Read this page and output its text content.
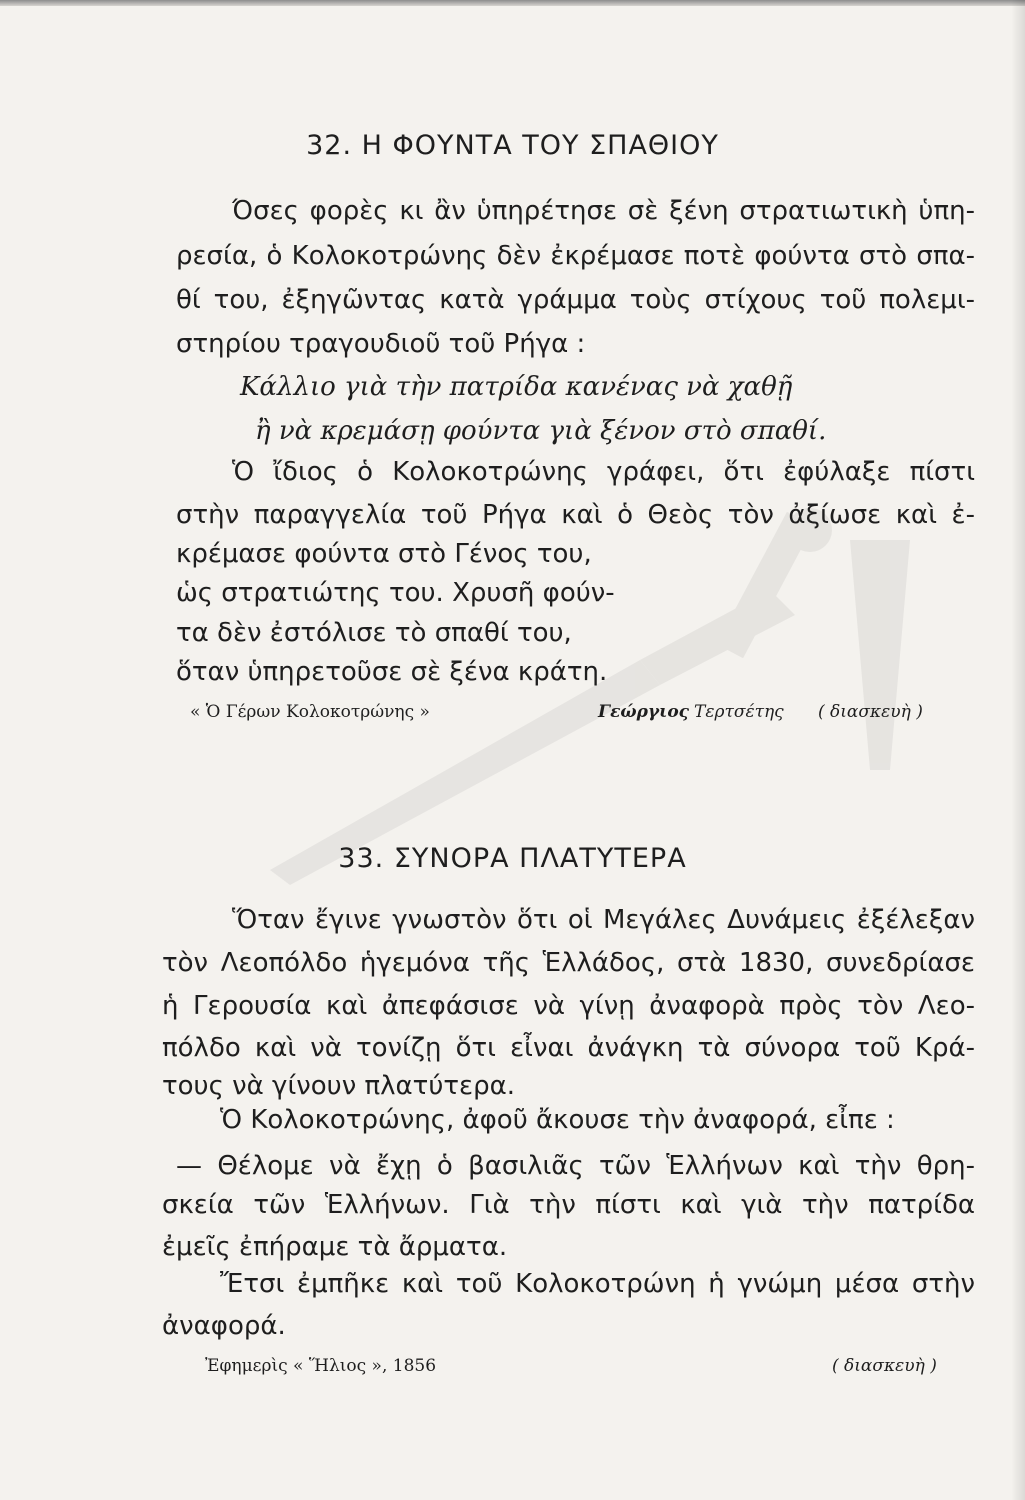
32. Η ΦΟΥΝΤΑ ΤΟΥ ΣΠΑΘΙΟΥ
Όσες φορὲς κι ἂν ὑπηρέτησε σὲ ξένη στρατιωτικὴ ὑπη-
ρεσία, ὁ Κολοκοτρώνης δὲν ἐκρέμασε ποτὲ φούντα στὸ σπα-
θί του, ἐξηγῶντας κατὰ γράμμα τοὺς στίχους τοῦ πολεμι-
στηρίου τραγουδιοῦ τοῦ Ρήγα :
Κάλλιο γιὰ τὴν πατρίδα κανένας νὰ χαθῇ
ἢ νὰ κρεμάσῃ φούντα γιὰ ξένον στὸ σπαθί.
Ὁ ἴδιος ὁ Κολοκοτρώνης γράφει, ὅτι ἐφύλαξε πίστι
στὴν παραγγελία τοῦ Ρήγα καὶ ὁ Θεὸς τὸν ἀξίωσε καὶ ἐ-
κρέμασε φούντα στὸ Γένος του,
ὡς στρατιώτης του. Χρυσῆ φούν-
τα δὲν ἐστόλισε τὸ σπαθί του,
ὅταν ὑπηρετοῦσε σὲ ξένα κράτη.
« Ὁ Γέρων Κολοκοτρώνης »	Γεώργιος Τερτσέτης ( διασκευὴ )
33. ΣΥΝΟΡΑ ΠΛΑΤΥΤΕΡΑ
Ὅταν ἔγινε γνωστὸν ὅτι οἱ Μεγάλες Δυνάμεις ἐξέλεξαν
τὸν Λεοπόλδο ἡγεμόνα τῆς Ἑλλάδος, στὰ 1830, συνεδρίασε
ἡ Γερουσία καὶ ἀπεφάσισε νὰ γίνῃ ἀναφορὰ πρὸς τὸν Λεο-
πόλδο καὶ νὰ τονίζῃ ὅτι εἶναι ἀνάγκη τὰ σύνορα τοῦ Κρά-
τους νὰ γίνουν πλατύτερα.
Ὁ Κολοκοτρώνης, ἀφοῦ ἄκουσε τὴν ἀναφορά, εἶπε :
— Θέλομε νὰ ἔχῃ ὁ βασιλιᾶς τῶν Ἑλλήνων καὶ τὴν θρη-
σκεία τῶν Ἑλλήνων. Γιὰ τὴν πίστι καὶ γιὰ τὴν πατρίδα
ἐμεῖς ἐπήραμε τὰ ἄρματα.
Ἔτσι ἐμπῆκε καὶ τοῦ Κολοκοτρώνη ἡ γνώμη μέσα στὴν
ἀναφορά.
Ἐφημερὶς « Ἥλιος », 1856	( διασκευὴ )
